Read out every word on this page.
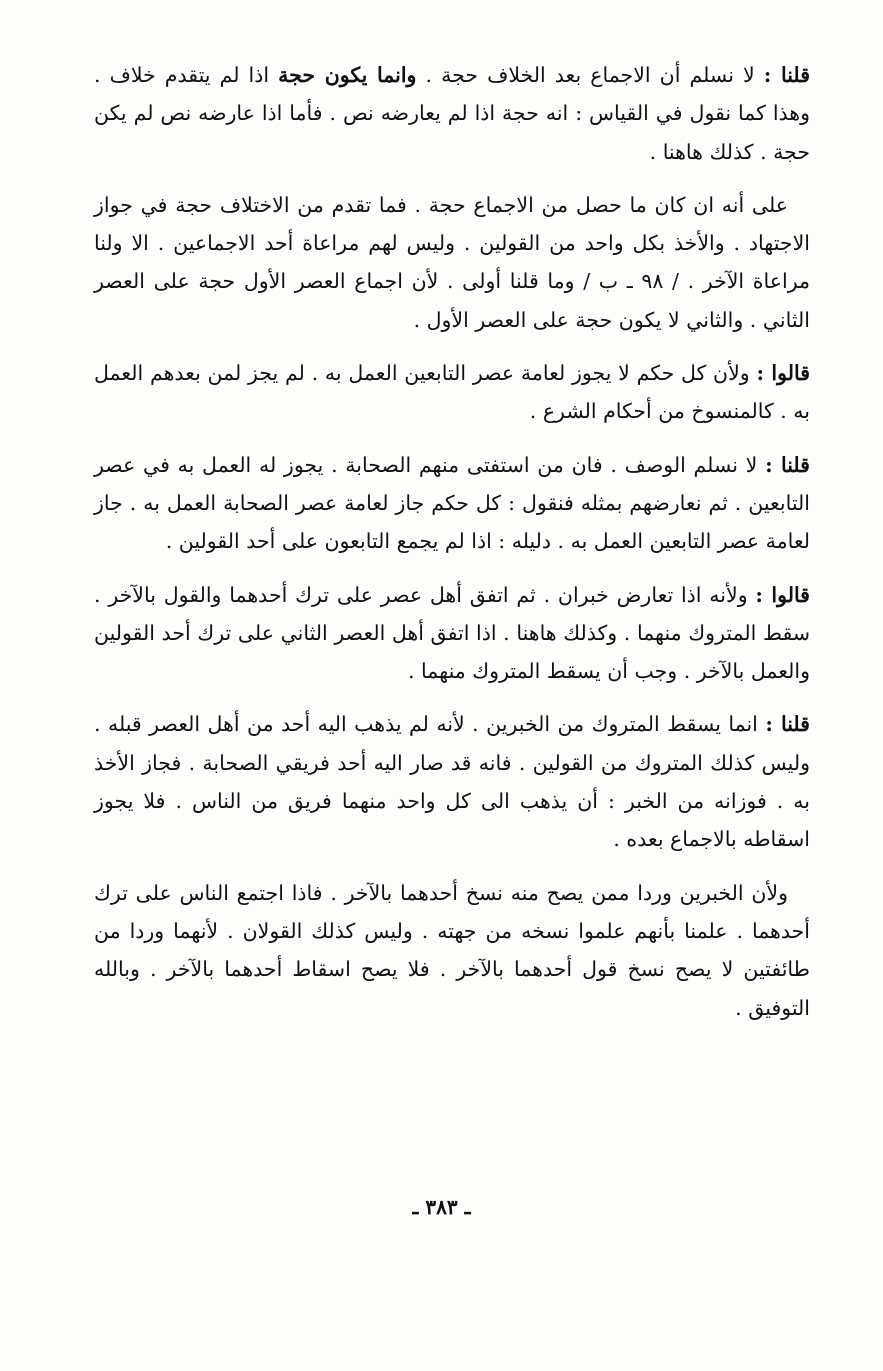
قلنا : لا نسلم أن الاجماع بعد الخلاف حجة . وانما يكون حجة اذا لم يتقدم خلاف . وهذا كما نقول في القياس : انه حجة اذا لم يعارضه نص . فأما اذا عارضه نص لم يكن حجة . كذلك هاهنا .

على أنه ان كان ما حصل من الاجماع حجة . فما تقدم من الاختلاف حجة في جواز الاجتهاد . والأخذ بكل واحد من القولين . وليس لهم مراعاة أحد الاجماعين . الا ولنا مراعاة الآخر . / ٩٨ ـ ب / وما قلنا أولى . لأن اجماع العصر الأول حجة على العصر الثاني . والثاني لا يكون حجة على العصر الأول .

قالوا : ولأن كل حكم لا يجوز لعامة عصر التابعين العمل به . لم يجز لمن بعدهم العمل به . كالمنسوخ من أحكام الشرع .

قلنا : لا نسلم الوصف . فان من استفتى منهم الصحابة . يجوز له العمل به في عصر التابعين . ثم نعارضهم بمثله فنقول : كل حكم جاز لعامة عصر الصحابة العمل به . جاز لعامة عصر التابعين العمل به . دليله : اذا لم يجمع التابعون على أحد القولين .

قالوا : ولأنه اذا تعارض خبران . ثم اتفق أهل عصر على ترك أحدهما والقول بالآخر . سقط المتروك منهما . وكذلك هاهنا . اذا اتفق أهل العصر الثاني على ترك أحد القولين والعمل بالآخر . وجب أن يسقط المتروك منهما .

قلنا : انما يسقط المتروك من الخبرين . لأنه لم يذهب اليه أحد من أهل العصر قبله . وليس كذلك المتروك من القولين . فانه قد صار اليه أحد فريقي الصحابة . فجاز الأخذ به . فوزانه من الخبر : أن يذهب الى كل واحد منهما فريق من الناس . فلا يجوز اسقاطه بالاجماع بعده .

ولأن الخبرين وردا ممن يصح منه نسخ أحدهما بالآخر . فاذا اجتمع الناس على ترك أحدهما . علمنا بأنهم علموا نسخه من جهته . وليس كذلك القولان . لأنهما وردا من طائفتين لا يصح نسخ قول أحدهما بالآخر . فلا يصح اسقاط أحدهما بالآخر . وبالله التوفيق .

ـ ٣٨٣ ـ
